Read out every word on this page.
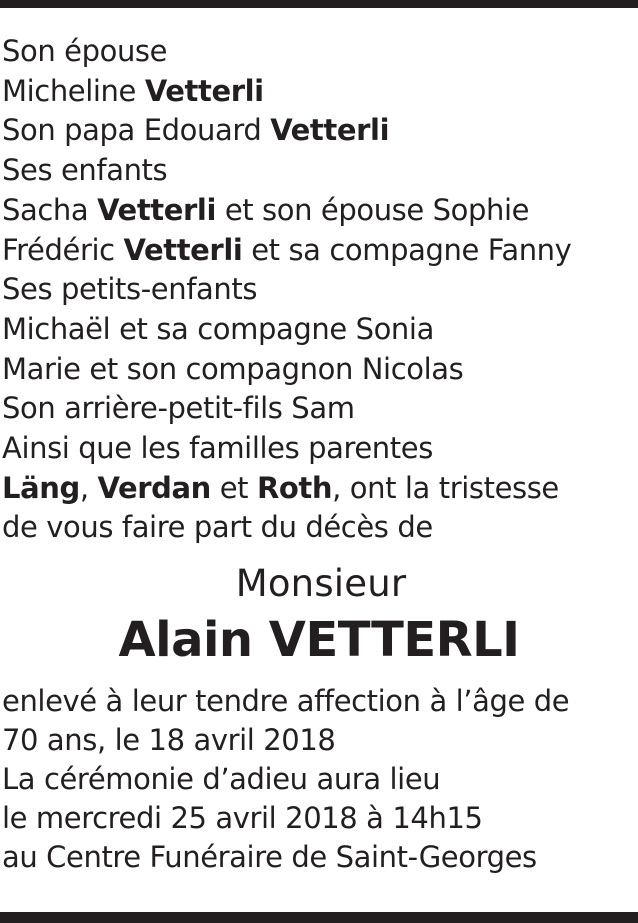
Son épouse
Micheline Vetterli
Son papa Edouard Vetterli
Ses enfants
Sacha Vetterli et son épouse Sophie
Frédéric Vetterli et sa compagne Fanny
Ses petits-enfants
Michaël et sa compagne Sonia
Marie et son compagnon Nicolas
Son arrière-petit-fils Sam
Ainsi que les familles parentes
Läng, Verdan et Roth, ont la tristesse
de vous faire part du décès de
Monsieur
Alain VETTERLI
enlevé à leur tendre affection à l’âge de
70 ans, le 18 avril 2018
La cérémonie d’adieu aura lieu
le mercredi 25 avril 2018 à 14h15
au Centre Funéraire de Saint-Georges
